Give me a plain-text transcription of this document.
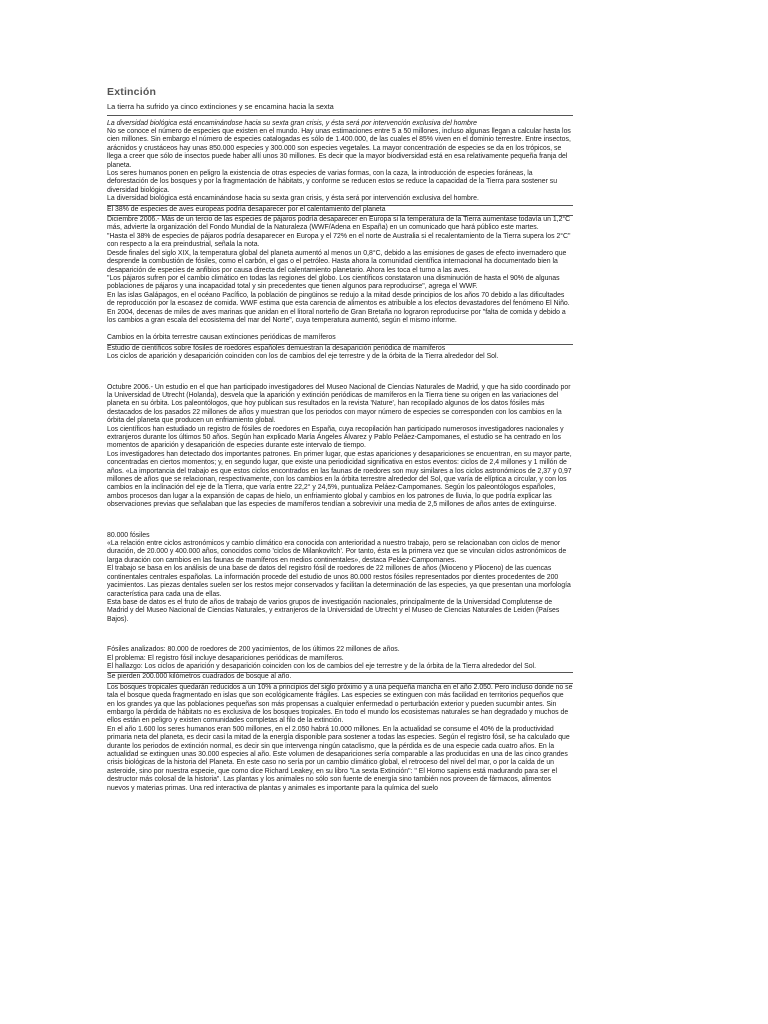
Extinción

La tierra ha sufrido ya cinco extinciones y se encamina hacia la sexta

La diversidad biológica está encaminándose hacia su sexta gran crisis, y ésta será por intervención exclusiva del hombre

No se conoce el número de especies que existen en el mundo. Hay unas estimaciones entre 5 a 50 millones, incluso algunas llegan a calcular hasta los cien millones. Sin embargo el número de especies catalogadas es sólo de 1.400.000, de las cuales el 85% viven en el dominio terrestre. Entre insectos, arácnidos y crustáceos hay unas 850.000 especies y 300.000 son especies vegetales. La mayor concentración de especies se da en los trópicos, se llega a creer que sólo de insectos puede haber allí unos 30 millones. Es decir que la mayor biodiversidad está en esa relativamente pequeña franja del planeta.

Los seres humanos ponen en peligro la existencia de otras especies de varias formas, con la caza, la introducción de especies foráneas, la deforestación de los bosques y por la fragmentación de hábitats, y conforme se reducen estos se reduce la capacidad de la Tierra para sostener su diversidad biológica.

La diversidad biológica está encaminándose hacia su sexta gran crisis, y ésta será por intervención exclusiva del hombre.

El 38% de especies de aves europeas podría desaparecer por el calentamiento del planeta

Diciembre 2006.- Más de un tercio de las especies de pájaros podría desaparecer en Europa si la temperatura de la Tierra aumentase todavía un 1,2°C más, advierte la organización del Fondo Mundial de la Naturaleza (WWF/Adena en España) en un comunicado que hará público este martes.

"Hasta el 38% de especies de pájaros podría desaparecer en Europa y el 72% en el norte de Australia si el recalentamiento de la Tierra supera los 2°C" con respecto a la era preindustrial, señala la nota.

Desde finales del siglo XIX, la temperatura global del planeta aumentó al menos un 0,8°C, debido a las emisiones de gases de efecto invernadero que desprende la combustión de fósiles, como el carbón, el gas o el petróleo. Hasta ahora la comunidad científica internacional ha documentado bien la desaparición de especies de anfibios por causa directa del calentamiento planetario. Ahora les toca el turno a las aves.

"Los pájaros sufren por el cambio climático en todas las regiones del globo. Los científicos constataron una disminución de hasta el 90% de algunas poblaciones de pájaros y una incapacidad total y sin precedentes que tienen algunos para reproducirse", agrega el WWF.

En las islas Galápagos, en el océano Pacífico, la población de pingüinos se redujo a la mitad desde principios de los años 70 debido a las dificultades de reproducción por la escasez de comida. WWF estima que esta carencia de alimentos es atribuible a los efectos devastadores del fenómeno El Niño.

En 2004, decenas de miles de aves marinas que anidan en el litoral norteño de Gran Bretaña no lograron reproducirse por "falta de comida y debido a los cambios a gran escala del ecosistema del mar del Norte", cuya temperatura aumentó, según el mismo informe.

Cambios en la órbita terrestre causan extinciones periódicas de mamíferos

Estudio de científicos sobre fósiles de roedores españoles demuestran la desaparición periódica de mamíferos

Los ciclos de aparición y desaparición coinciden con los de cambios del eje terrestre y de la órbita de la Tierra alrededor del Sol.

Octubre 2006.- Un estudio en el que han participado investigadores del Museo Nacional de Ciencias Naturales de Madrid, y que ha sido coordinado por la Universidad de Utrecht (Holanda), desvela que la aparición y extinción periódicas de mamíferos en la Tierra tiene su origen en las variaciones del planeta en su órbita. Los paleontólogos, que hoy publican sus resultados en la revista 'Nature', han recopilado algunos de los datos fósiles más destacados de los pasados 22 millones de años y muestran que los periodos con mayor número de especies se corresponden con los cambios en la órbita del planeta que producen un enfriamiento global.

Los científicos han estudiado un registro de fósiles de roedores en España, cuya recopilación han participado numerosos investigadores nacionales y extranjeros durante los últimos 50 años. Según han explicado María Ángeles Álvarez y Pablo Peláez-Campomanes, el estudio se ha centrado en los momentos de aparición y desaparición de especies durante este intervalo de tiempo.

Los investigadores han detectado dos importantes patrones. En primer lugar, que estas apariciones y desapariciones se encuentran, en su mayor parte, concentradas en ciertos momentos; y, en segundo lugar, que existe una periodicidad significativa en estos eventos: ciclos de 2,4 millones y 1 millón de años. «La importancia del trabajo es que estos ciclos encontrados en las faunas de roedores son muy similares a los ciclos astronómicos de 2,37 y 0,97 millones de años que se relacionan, respectivamente, con los cambios en la órbita terrestre alrededor del Sol, que varía de elíptica a circular, y con los cambios en la inclinación del eje de la Tierra, que varía entre 22,2° y 24,5%, puntualiza Peláez-Campomanes. Según los paleontólogos españoles, ambos procesos dan lugar a la expansión de capas de hielo, un enfriamiento global y cambios en los patrones de lluvia, lo que podría explicar las observaciones previas que señalaban que las especies de mamíferos tendían a sobrevivir una media de 2,5 millones de años antes de extinguirse.

80.000 fósiles

«La relación entre ciclos astronómicos y cambio climático era conocida con anterioridad a nuestro trabajo, pero se relacionaban con ciclos de menor duración, de 20.000 y 400.000 años, conocidos como 'ciclos de Milankovitch'. Por tanto, ésta es la primera vez que se vinculan ciclos astronómicos de larga duración con cambios en las faunas de mamíferos en medios continentales», destaca Peláez-Campomanes.

El trabajo se basa en los análisis de una base de datos del registro fósil de roedores de 22 millones de años (Mioceno y Plioceno) de las cuencas continentales centrales españolas. La información procede del estudio de unos 80.000 restos fósiles representados por dientes procedentes de 200 yacimientos. Las piezas dentales suelen ser los restos mejor conservados y facilitan la determinación de las especies, ya que presentan una morfología característica para cada una de ellas.

Esta base de datos es el fruto de años de trabajo de varios grupos de investigación nacionales, principalmente de la Universidad Complutense de Madrid y del Museo Nacional de Ciencias Naturales, y extranjeros de la Universidad de Utrecht y el Museo de Ciencias Naturales de Leiden (Países Bajos).

Fósiles analizados: 80.000 de roedores de 200 yacimientos, de los últimos 22 millones de años.

El problema: El registro fósil incluye desapariciones periódicas de mamíferos.

El hallazgo: Los ciclos de aparición y desaparición coinciden con los de cambios del eje terrestre y de la órbita de la Tierra alrededor del Sol.

Se pierden 200.000 kilómetros cuadrados de bosque al año.

Los bosques tropicales quedarán reducidos a un 10% a principios del siglo próximo y a una pequeña mancha en el año 2.050. Pero incluso donde no se tala el bosque queda fragmentado en islas que son ecológicamente frágiles. Las especies se extinguen con más facilidad en territorios pequeños que en los grandes ya que las poblaciones pequeñas son más propensas a cualquier enfermedad o perturbación exterior y pueden sucumbir antes. Sin embargo la pérdida de hábitats no es exclusiva de los bosques tropicales. En todo el mundo los ecosistemas naturales se han degradado y muchos de ellos están en peligro y existen comunidades completas al filo de la extinción.

En el año 1.600 los seres humanos eran 500 millones, en el 2.050 habrá 10.000 millones. En la actualidad se consume el 40% de la productividad primaria neta del planeta, es decir casi la mitad de la energía disponible para sostener a todas las especies. Según el registro fósil, se ha calculado que durante los periodos de extinción normal, es decir sin que intervenga ningún cataclismo, que la pérdida es de una especie cada cuatro años. En la actualidad se extinguen unas 30.000 especies al año. Este volumen de desapariciones sería comparable a las producidas en una de las cinco grandes crisis biológicas de la historia del Planeta. En este caso no sería por un cambio climático global, el retroceso del nivel del mar, o por la caída de un asteroide, sino por nuestra especie, que como dice Richard Leakey, en su libro "La sexta Extinción": " El Homo sapiens está madurando para ser el destructor más colosal de la historia". Las plantas y los animales no sólo son fuente de energía sino también nos proveen de fármacos, alimentos nuevos y materias primas. Una red interactiva de plantas y animales es importante para la química del suelo
